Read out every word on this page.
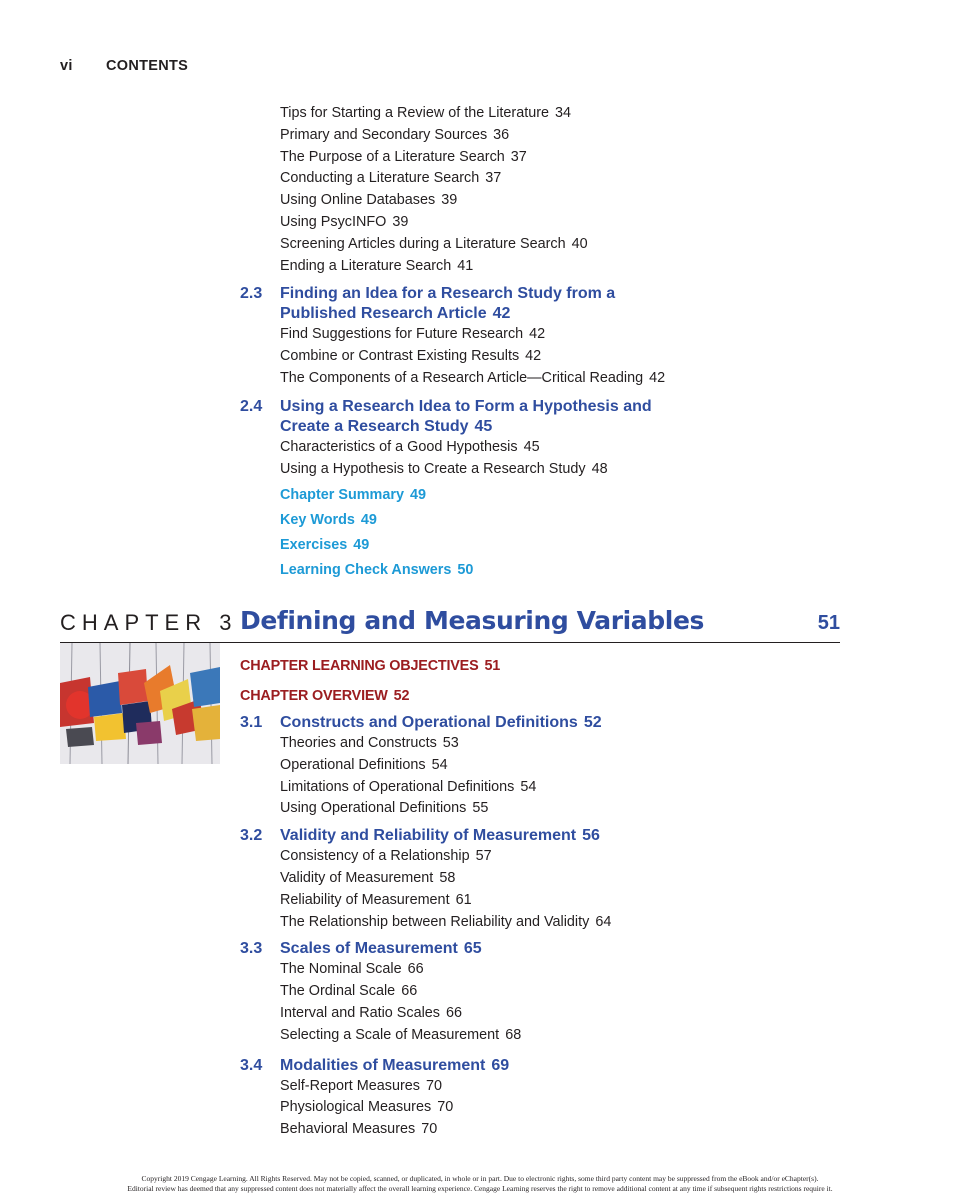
vi CONTENTS
Tips for Starting a Review of the Literature 34
Primary and Secondary Sources 36
The Purpose of a Literature Search 37
Conducting a Literature Search 37
Using Online Databases 39
Using PsycINFO 39
Screening Articles during a Literature Search 40
Ending a Literature Search 41
2.3	Finding an Idea for a Research Study from a
Published Research Article 42
Find Suggestions for Future Research 42
Combine or Contrast Existing Results 42
The Components of a Research Article—Critical Reading 42
2.4	Using a Research Idea to Form a Hypothesis and
Create a Research Study 45
Characteristics of a Good Hypothesis 45
Using a Hypothesis to Create a Research Study 48
Chapter Summary 49
Key Words 49
Exercises 49
Learning Check Answers 50
CHAPTER 3 Defining and Measuring Variables	51
CHAPTER LEARNING OBJECTIVES 51
CHAPTER OVERVIEW 52
3.1	Constructs and Operational Definitions 52
Theories and Constructs 53
Operational Definitions 54
Limitations of Operational Definitions 54
Using Operational Definitions 55
3.2	Validity and Reliability of Measurement 56
Consistency of a Relationship 57
Validity of Measurement 58
Reliability of Measurement 61
The Relationship between Reliability and Validity 64
3.3	Scales of Measurement 65
The Nominal Scale 66
The Ordinal Scale 66
Interval and Ratio Scales 66
Selecting a Scale of Measurement 68
3.4	Modalities of Measurement 69
Self-Report Measures 70
Physiological Measures 70
Behavioral Measures 70
Copyright 2019 Cengage Learning. All Rights Reserved. May not be copied, scanned, or duplicated, in whole or in part. Due to electronic rights, some third party content may be suppressed from the eBook and/or eChapter(s).
Editorial review has deemed that any suppressed content does not materially affect the overall learning experience. Cengage Learning reserves the right to remove additional content at any time if subsequent rights restrictions require it.
